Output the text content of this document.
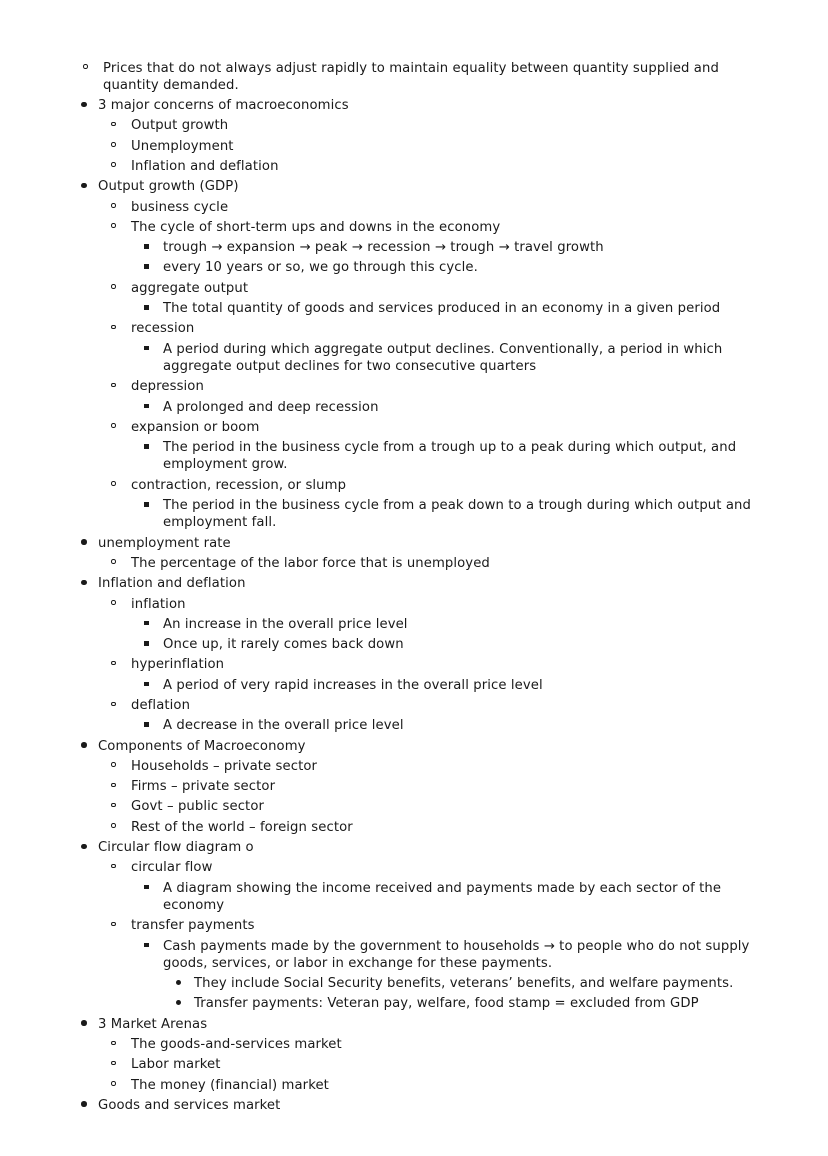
Prices that do not always adjust rapidly to maintain equality between quantity supplied and quantity demanded.
3 major concerns of macroeconomics
Output growth
Unemployment
Inflation and deflation
Output growth (GDP)
business cycle
The cycle of short-term ups and downs in the economy
trough → expansion → peak → recession → trough → travel growth
every 10 years or so, we go through this cycle.
aggregate output
The total quantity of goods and services produced in an economy in a given period
recession
A period during which aggregate output declines. Conventionally, a period in which aggregate output declines for two consecutive quarters
depression
A prolonged and deep recession
expansion or boom
The period in the business cycle from a trough up to a peak during which output, and employment grow.
contraction, recession, or slump
The period in the business cycle from a peak down to a trough during which output and employment fall.
unemployment rate
The percentage of the labor force that is unemployed
Inflation and deflation
inflation
An increase in the overall price level
Once up, it rarely comes back down
hyperinflation
A period of very rapid increases in the overall price level
deflation
A decrease in the overall price level
Components of Macroeconomy
Households – private sector
Firms – private sector
Govt – public sector
Rest of the world – foreign sector
Circular flow diagram o
circular flow
A diagram showing the income received and payments made by each sector of the economy
transfer payments
Cash payments made by the government to households → to people who do not supply goods, services, or labor in exchange for these payments.
They include Social Security benefits, veterans’ benefits, and welfare payments.
Transfer payments: Veteran pay, welfare, food stamp = excluded from GDP
3 Market Arenas
The goods-and-services market
Labor market
The money (financial) market
Goods and services market
